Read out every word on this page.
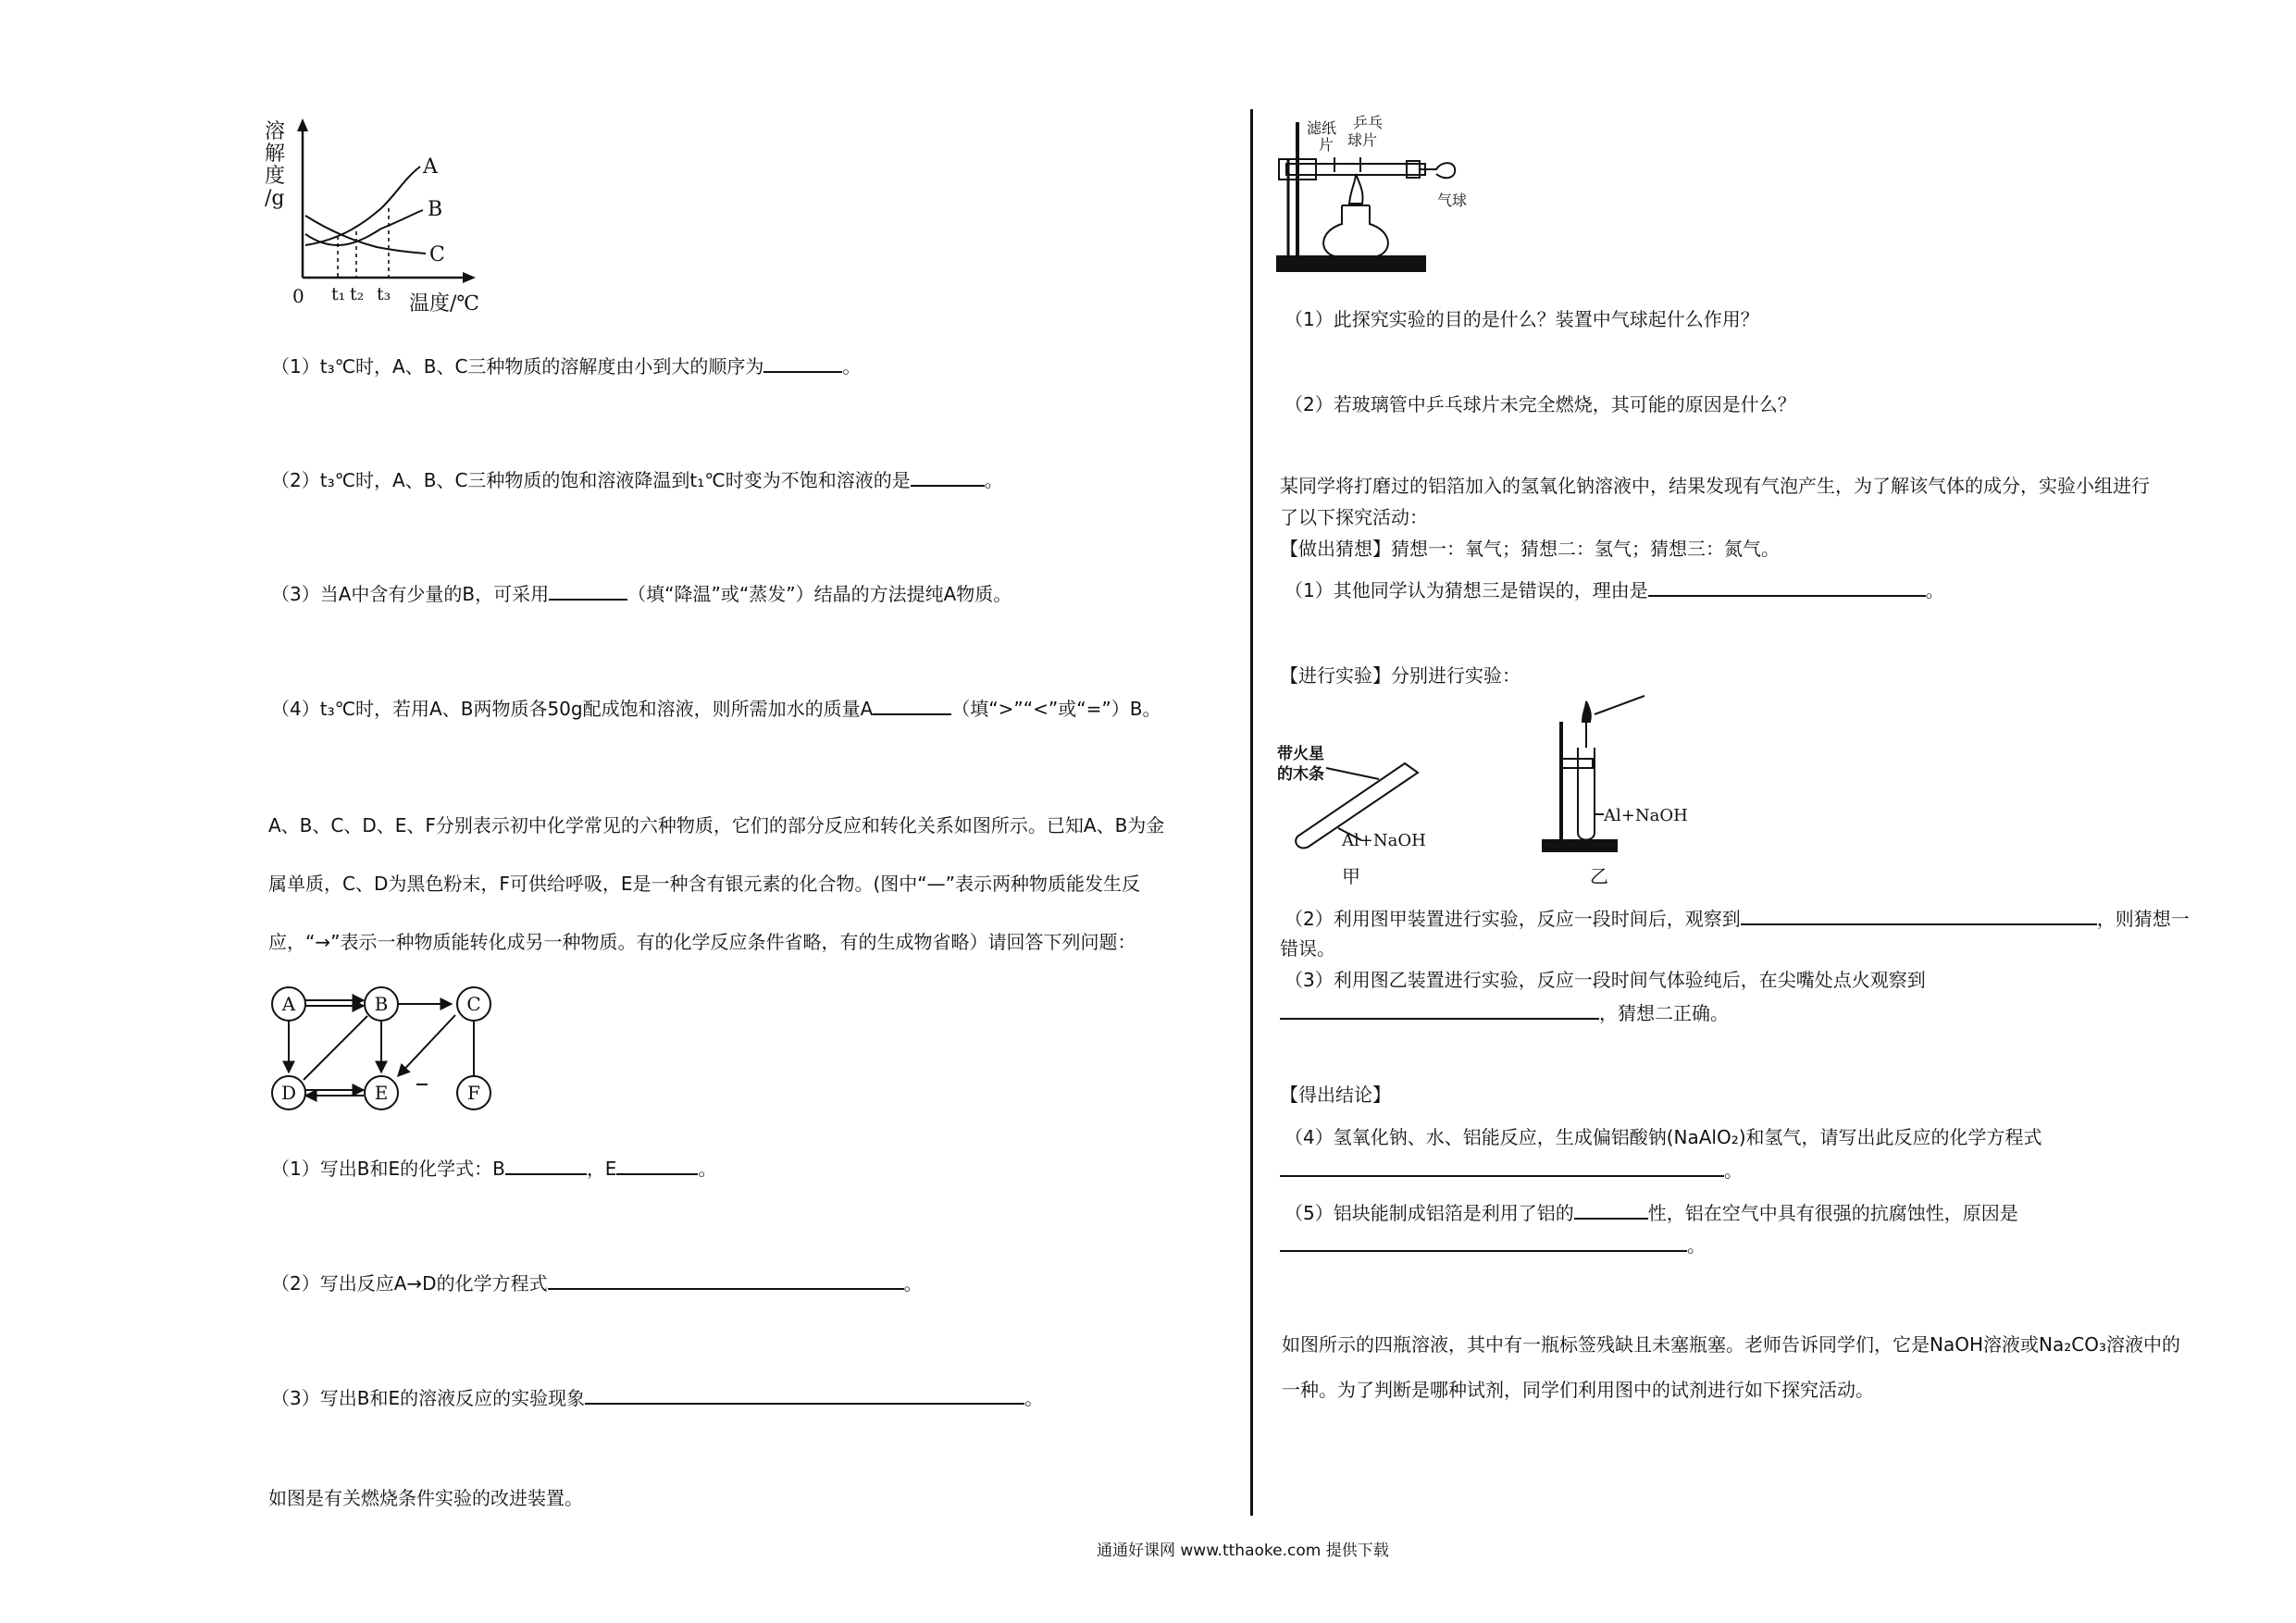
溶
解
度
/g
0 t₁ t₂ t₃ 温度/℃
A
B
C
（1）t₃℃时，A、B、C三种物质的溶解度由小到大的顺序为	。
（2）t₃℃时，A、B、C三种物质的饱和溶液降温到t₁℃时变为不饱和溶液的是	。
（3）当A中含有少量的B，可采用	（填“降温”或“蒸发”）结晶的方法提纯A物质。
（4）t₃℃时，若用A、B两物质各50g配成饱和溶液，则所需加水的质量A	（填“>”“<”或“=”）B。
A、B、C、D、E、F分别表示初中化学常见的六种物质，它们的部分反应和转化关系如图所示。已知A、B为金
属单质，C、D为黑色粉末，F可供给呼吸，E是一种含有银元素的化合物。(图中“—”表示两种物质能发生反
应，“→”表示一种物质能转化成另一种物质。有的化学反应条件省略，有的生成物省略）请回答下列问题：
A	B	C
D	E	F
（1）写出B和E的化学式：B	，E	。
（2）写出反应A→D的化学方程式	。
（3）写出B和E的溶液反应的实验现象	。
如图是有关燃烧条件实验的改进装置。
滤纸
片
乒乓
球片
气球
（1）此探究实验的目的是什么？装置中气球起什么作用？
（2）若玻璃管中乒乓球片未完全燃烧，其可能的原因是什么？
某同学将打磨过的铝箔加入的氢氧化钠溶液中，结果发现有气泡产生，为了解该气体的成分，实验小组进行
了以下探究活动：
【做出猜想】猜想一：氧气；猜想二：氢气；猜想三：氮气。
（1）其他同学认为猜想三是错误的，理由是	。
【进行实验】分别进行实验：
带火星
的木条
Al+NaOH
甲
Al+NaOH
乙
（2）利用图甲装置进行实验，反应一段时间后，观察到	，则猜想一
错误。
（3）利用图乙装置进行实验，反应一段时间气体验纯后，在尖嘴处点火观察到
，猜想二正确。
【得出结论】
（4）氢氧化钠、水、铝能反应，生成偏铝酸钠(NaAlO₂)和氢气，请写出此反应的化学方程式
。
（5）铝块能制成铝箔是利用了铝的	性，铝在空气中具有很强的抗腐蚀性，原因是
。
如图所示的四瓶溶液，其中有一瓶标签残缺且未塞瓶塞。老师告诉同学们，它是NaOH溶液或Na₂CO₃溶液中的
一种。为了判断是哪种试剂，同学们利用图中的试剂进行如下探究活动。
通通好课网 www.tthaoke.com 提供下载
